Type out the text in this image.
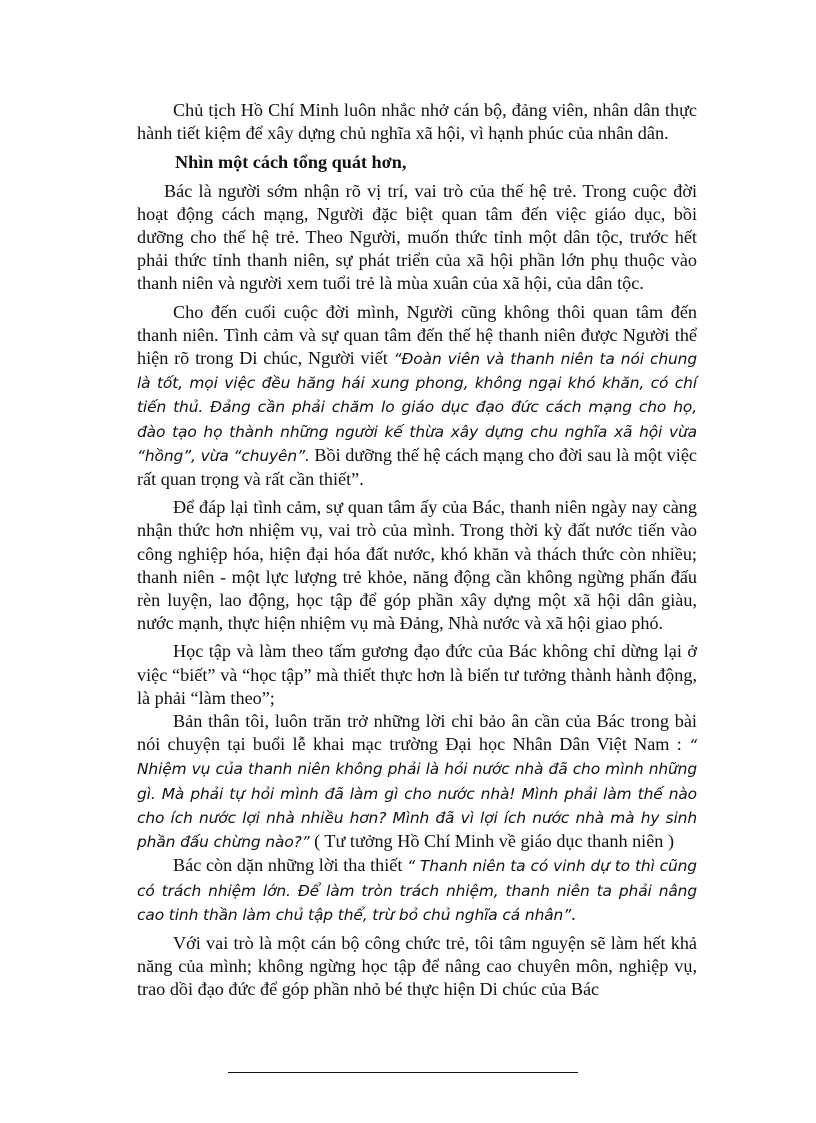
Chủ tịch Hồ Chí Minh luôn nhắc nhở cán bộ, đảng viên, nhân dân thực hành tiết kiệm để xây dựng chủ nghĩa xã hội, vì hạnh phúc của nhân dân.

Nhìn một cách tổng quát hơn,

Bác là người sớm nhận rõ vị trí, vai trò của thế hệ trẻ. Trong cuộc đời hoạt động cách mạng, Người đặc biệt quan tâm đến việc giáo dục, bồi dưỡng cho thế hệ trẻ. Theo Người, muốn thức tỉnh một dân tộc, trước hết phải thức tỉnh thanh niên, sự phát triển của xã hội phần lớn phụ thuộc vào thanh niên và người xem tuổi trẻ là mùa xuân của xã hội, của dân tộc.

Cho đến cuối cuộc đời mình, Người cũng không thôi quan tâm đến thanh niên. Tình cảm và sự quan tâm đến thế hệ thanh niên được Người thể hiện rõ trong Di chúc, Người viết “Đoàn viên và thanh niên ta nói chung là tốt, mọi việc đều hăng hái xung phong, không ngại khó khăn, có chí tiến thủ. Đảng cần phải chăm lo giáo dục đạo đức cách mạng cho họ, đào tạo họ thành những người kế thừa xây dựng chu nghĩa xã hội vừa “hồng”, vừa “chuyên”. Bồi dưỡng thế hệ cách mạng cho đời sau là một việc rất quan trọng và rất cần thiết”.

Để đáp lại tình cảm, sự quan tâm ấy của Bác, thanh niên ngày nay càng nhận thức hơn nhiệm vụ, vai trò của mình. Trong thời kỳ đất nước tiến vào công nghiệp hóa, hiện đại hóa đất nước, khó khăn và thách thức còn nhiều; thanh niên - một lực lượng trẻ khỏe, năng động cần không ngừng phấn đấu rèn luyện, lao động, học tập để góp phần xây dựng một xã hội dân giàu, nước mạnh, thực hiện nhiệm vụ mà Đảng, Nhà nước và xã hội giao phó.

Học tập và làm theo tấm gương đạo đức của Bác không chỉ dừng lại ở việc “biết” và “học tập” mà thiết thực hơn là biến tư tưởng thành hành động, là phải “làm theo”;

Bản thân tôi, luôn trăn trở những lời chỉ bảo ân cần của Bác trong bài nói chuyện tại buổi lễ khai mạc trường Đại học Nhân Dân Việt Nam : “ Nhiệm vụ của thanh niên không phải là hỏi nước nhà đã cho mình những gì. Mà phải tự hỏi mình đã làm gì cho nước nhà! Mình phải làm thế nào cho ích nước lợi nhà nhiều hơn? Mình đã vì lợi ích nước nhà mà hy sinh phần đấu chừng nào?” ( Tư tưởng Hồ Chí Minh về giáo dục thanh niên )

Bác còn dặn những lời tha thiết “ Thanh niên ta có vinh dự to thì cũng có trách nhiệm lớn. Để làm tròn trách nhiệm, thanh niên ta phải nâng cao tinh thần làm chủ tập thể, trừ bỏ chủ nghĩa cá nhân”.

Với vai trò là một cán bộ công chức trẻ, tôi tâm nguyện sẽ làm hết khả năng của mình; không ngừng học tập để nâng cao chuyên môn, nghiệp vụ, trao dồi đạo đức để góp phần nhỏ bé thực hiện Di chúc của Bác
